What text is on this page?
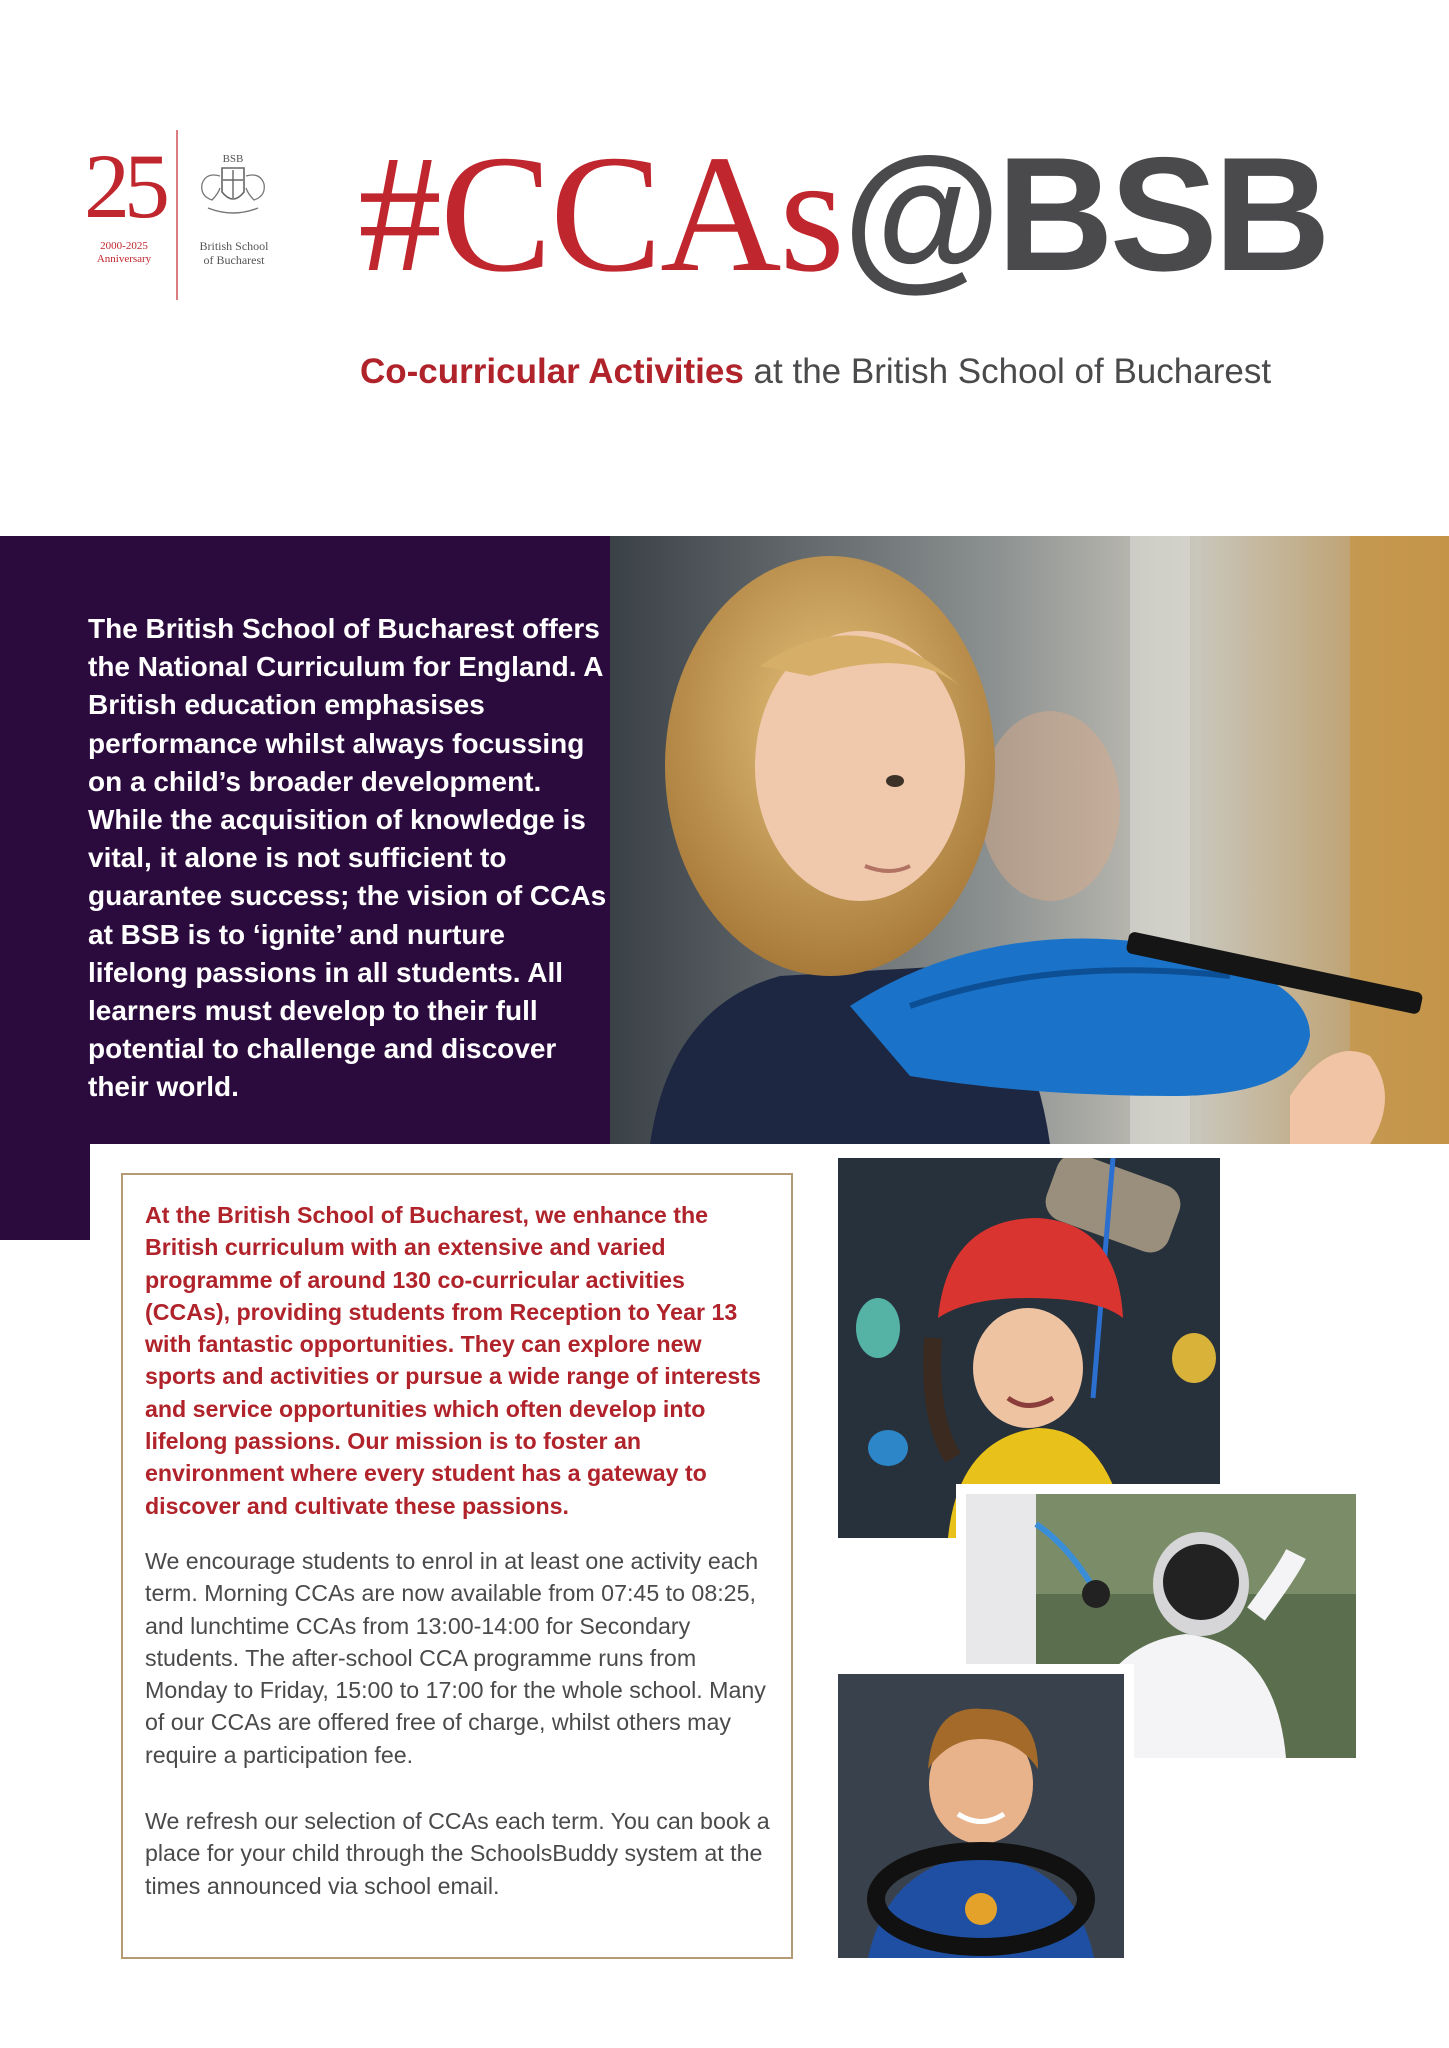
25
2000-2025
Anniversary
BSB
British School
of Bucharest #CCAs@BSB
Co-curricular Activities at the British School of Bucharest
The British School of Bucharest offers the National Curriculum for England. A British education emphasises performance whilst always focussing on a child’s broader development. While the acquisition of knowledge is vital, it alone is not sufficient to guarantee success; the vision of CCAs at BSB is to ‘ignite’ and nurture lifelong passions in all students. All learners must develop to their full potential to challenge and discover their world.
At the British School of Bucharest, we enhance the British curriculum with an extensive and varied programme of around 130 co-curricular activities (CCAs), providing students from Reception to Year 13 with fantastic opportunities. They can explore new sports and activities or pursue a wide range of interests and service opportunities which often develop into lifelong passions. Our mission is to foster an environment where every student has a gateway to discover and cultivate these passions.
We encourage students to enrol in at least one activity each term. Morning CCAs are now available from 07:45 to 08:25, and lunchtime CCAs from 13:00-14:00 for Secondary students. The after-school CCA programme runs from Monday to Friday, 15:00 to 17:00 for the whole school. Many of our CCAs are offered free of charge, whilst others may require a participation fee.
We refresh our selection of CCAs each term. You can book a place for your child through the SchoolsBuddy system at the times announced via school email.
